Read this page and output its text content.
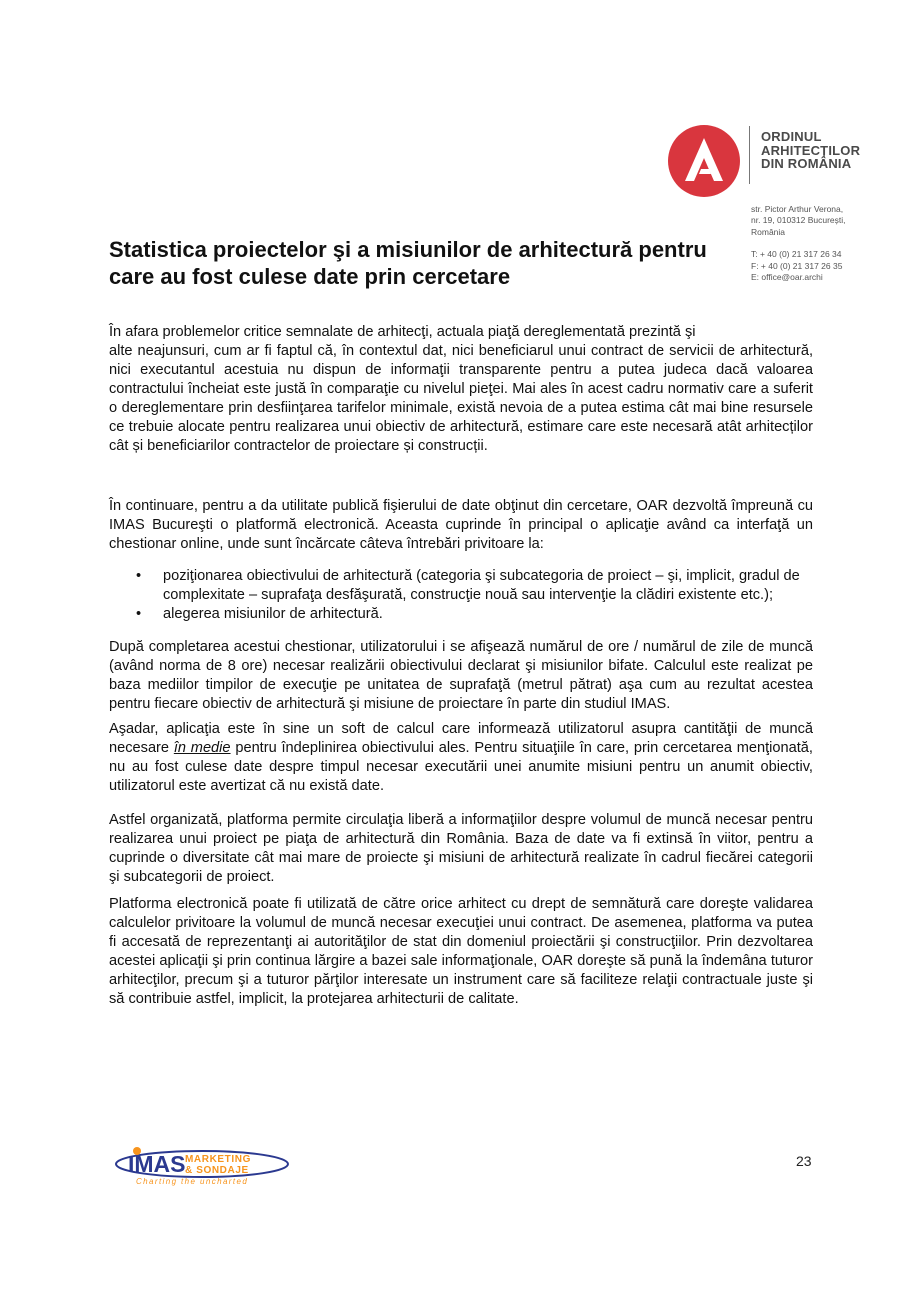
ORDINUL
ARHITECȚILOR
DIN ROMÂNIA
str. Pictor Arthur Verona,
nr. 19, 010312 București,
România
T: + 40 (0) 21 317 26 34
F: + 40 (0) 21 317 26 35
E: office@oar.archi
Statistica proiectelor şi a misiunilor de arhitectură pentru care au fost culese date prin cercetare
În afara problemelor critice semnalate de arhitecţi, actuala piaţă dereglementată prezintă şi
alte neajunsuri, cum ar fi faptul că, în contextul dat, nici beneficiarul unui contract de servicii de arhitectură, nici executantul acestuia nu dispun de informaţii transparente pentru a putea judeca dacă valoarea contractului încheiat este justă în comparaţie cu nivelul pieţei. Mai ales în acest cadru normativ care a suferit o dereglementare prin desfiinţarea tarifelor minimale, există nevoia de a putea estima cât mai bine resursele ce trebuie alocate pentru realizarea unui obiectiv de arhitectură, estimare care este necesară atât arhitecților cât și beneficiarilor contractelor de proiectare și construcții.

În continuare, pentru a da utilitate publică fişierului de date obţinut din cercetare, OAR dezvoltă împreună cu IMAS Bucureşti o platformă electronică. Aceasta cuprinde în principal o aplicaţie având ca interfaţă un chestionar online, unde sunt încărcate câteva întrebări privitoare la:

• poziţionarea obiectivului de arhitectură (categoria şi subcategoria de proiect – şi, implicit, gradul de complexitate – suprafaţa desfăşurată, construcţie nouă sau intervenţie la clădiri existente etc.);
• alegerea misiunilor de arhitectură.

După completarea acestui chestionar, utilizatorului i se afişează numărul de ore / numărul de zile de muncă (având norma de 8 ore) necesar realizării obiectivului declarat şi misiunilor bifate. Calculul este realizat pe baza mediilor timpilor de execuţie pe unitatea de suprafaţă (metrul pătrat) aşa cum au rezultat acestea pentru fiecare obiectiv de arhitectură şi misiune de proiectare în parte din studiul IMAS.

Aşadar, aplicaţia este în sine un soft de calcul care informează utilizatorul asupra cantităţii de muncă necesare în medie pentru îndeplinirea obiectivului ales. Pentru situaţiile în care, prin cercetarea menţionată, nu au fost culese date despre timpul necesar executării unei anumite misiuni pentru un anumit obiectiv, utilizatorul este avertizat că nu există date.

Astfel organizată, platforma permite circulaţia liberă a informaţiilor despre volumul de muncă necesar pentru realizarea unui proiect pe piaţa de arhitectură din România. Baza de date va fi extinsă în viitor, pentru a cuprinde o diversitate cât mai mare de proiecte şi misiuni de arhitectură realizate în cadrul fiecărei categorii şi subcategorii de proiect.

Platforma electronică poate fi utilizată de către orice arhitect cu drept de semnătură care doreşte validarea calculelor privitoare la volumul de muncă necesar execuţiei unui contract. De asemenea, platforma va putea fi accesată de reprezentanţi ai autorităţilor de stat din domeniul proiectării şi construcţiilor. Prin dezvoltarea acestei aplicaţii şi prin continua lărgire a bazei sale informaţionale, OAR doreşte să pună la îndemâna tuturor arhitecţilor, precum şi a tuturor părţilor interesate un instrument care să faciliteze relaţii contractuale juste şi să contribuie astfel, implicit, la protejarea arhitecturii de calitate.

IMAS MARKETING
& SONDAJE
Charting the uncharted
23
